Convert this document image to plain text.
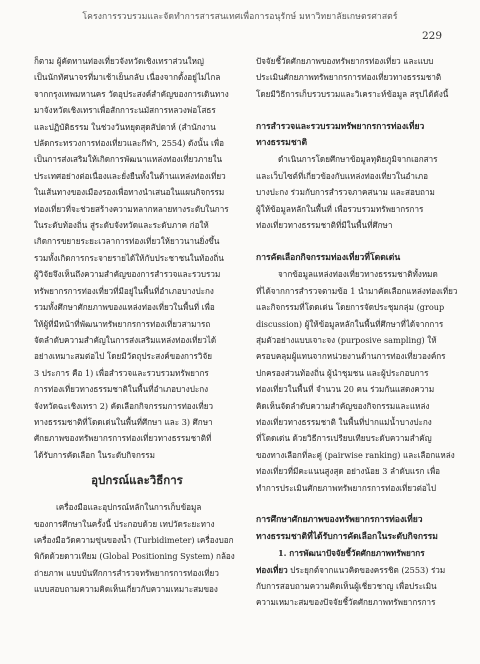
โครงการรวบรวมและจัดทำการสารสนเทศเพื่อการอนุรักษ์ มหาวิทยาลัยเกษตรศาสตร์
229
ก็ตาม ผู้คัดทานท่องเที่ยวจังหวัดเชิงเทราส่วนใหญ่
เป็นนักทัศนาจรที่มาเช้าเย็นกลับ เนื่องจากตั้งอยู่ไม่ไกล
จากกรุงเทพมหานคร วัดอุประสงค์สำคัญของการเดินทาง
มาจังหวัดเชิงเทราเพื่อสักการะนมัสการหลวงพ่อโสธร
และปฏิบัติธรรม ในช่วงวันหยุดสุดสัปดาห์ (สำนักงาน
ปลัดกระทรวงการท่องเที่ยวและกีฬา, 2554) ดังนั้น เพื่อ
เป็นการส่งเสริมให้เกิดการพัฒนาแหล่งท่องเที่ยวภายใน
ประเทศอย่างต่อเนื่องและยั่งยืนทั้งในด้านแหล่งท่องเที่ยว
ในเส้นทางของเมืองรองเพื่อทางนำเสนอในแผนกิจกรรม
ท่องเที่ยวที่จะช่วยสร้างความหลากหลายทางระดับในการ
ในระดับท้องถิ่น สู่ระดับจังหวัดและระดับภาค ก่อให้
เกิดการขยายระยะเวลาการท่องเที่ยวให้ยาวนานยิ่งขึ้น
รวมทั้งเกิดการกระจายรายได้ให้กับประชาชนในท้องถิ่น
ผู้วิจัยจึงเห็นถึงความสำคัญของการสำรวจและรวบรวม
ทรัพยากรการท่องเที่ยวที่มีอยู่ในพื้นที่อำเภอบางปะกง
รวมทั้งศึกษาศักยภาพของแหล่งท่องเที่ยวในพื้นที่ เพื่อ
ให้ผู้ที่มีหน้าที่พัฒนาทรัพยากรการท่องเที่ยวสามารถ
จัดลำดับความสำคัญในการส่งเสริมแหล่งท่องเที่ยวได้
อย่างเหมาะสมต่อไป โดยมีวัตถุประสงค์ของการวิจัย
3 ประการ คือ 1) เพื่อสำรวจและรวบรวมทรัพยากร
การท่องเที่ยวทางธรรมชาติในพื้นที่อำเภอบางปะกง
จังหวัดฉะเชิงเทรา 2) คัดเลือกกิจกรรมการท่องเที่ยว
ทางธรรมชาติที่โดดเด่นในพื้นที่ศึกษา และ 3) ศึกษา
ศักยภาพของทรัพยากรการท่องเที่ยวทางธรรมชาติที่
ได้รับการคัดเลือก ในระดับกิจกรรม
อุปกรณ์และวิธีการ
เครื่องมือและอุปกรณ์หลักในการเก็บข้อมูล
ของการศึกษาในครั้งนี้ ประกอบด้วย เทปวัดระยะทาง
เครื่องมือวัดความขุ่นของน้ำ (Turbidimeter) เครื่องบอก
พิกัดด้วยดาวเทียม (Global Positioning System) กล้อง
ถ่ายภาพ แบบบันทึกการสำรวจทรัพยากรการท่องเที่ยว
แบบสอบถามความคิดเห็นเกี่ยวกับความเหมาะสมของ
ปัจจัยชี้วัดศักยภาพของทรัพยากรท่องเที่ยว และแบบ
ประเมินศักยภาพทรัพยากรการท่องเที่ยวทางธรรมชาติ
โดยมีวิธีการเก็บรวบรวมและวิเคราะห์ข้อมูล สรุปได้ดังนี้
การสำรวจและรวบรวมทรัพยากรการท่องเที่ยว
ทางธรรมชาติ
ดำเนินการโดยศึกษาข้อมูลทุติยภูมิจากเอกสาร
และเว็บไซต์ที่เกี่ยวข้องกับแหล่งท่องเที่ยวในอำเภอ
บางปะกง ร่วมกับการสำรวจภาคสนาม และสอบถาม
ผู้ให้ข้อมูลหลักในพื้นที่ เพื่อรวบรวมทรัพยากรการ
ท่องเที่ยวทางธรรมชาติที่มีในพื้นที่ศึกษา
การคัดเลือกกิจกรรมท่องเที่ยวที่โดดเด่น
จากข้อมูลแหล่งท่องเที่ยวทางธรรมชาติทั้งหมด
ที่ได้จากการสำรวจตามข้อ 1 นำมาคัดเลือกแหล่งท่องเที่ยว
และกิจกรรมที่โดดเด่น โดยการจัดประชุมกลุ่ม (group
discussion) ผู้ให้ข้อมูลหลักในพื้นที่ศึกษาที่ได้จากการ
สุ่มตัวอย่างแบบเจาะจง (purposive sampling) ให้
ครอบคลุมผู้แทนจากหน่วยงานด้านการท่องเที่ยวองค์กร
ปกครองส่วนท้องถิ่น ผู้นำชุมชน และผู้ประกอบการ
ท่องเที่ยวในพื้นที่ จำนวน 20 คน ร่วมกันแสดงความ
คิดเห็นจัดลำดับความสำคัญของกิจกรรมและแหล่ง
ท่องเที่ยวทางธรรมชาติ ในพื้นที่ปากแม่น้ำบางปะกง
ที่โดดเด่น ด้วยวิธีการเปรียบเทียบระดับความสำคัญ
ของทางเลือกที่ละคู่ (pairwise ranking) และเลือกแหล่ง
ท่องเที่ยวที่มีคะแนนสูงสุด อย่างน้อย 3 ลำดับแรก เพื่อ
ทำการประเมินศักยภาพทรัพยากรการท่องเที่ยวต่อไป
การศึกษาศักยภาพของทรัพยากรการท่องเที่ยว
ทางธรรมชาติที่ได้รับการคัดเลือกในระดับกิจกรรม
1. การพัฒนาปัจจัยชี้วัดศักยภาพทรัพยากร
ท่องเที่ยว ประยุกต์จากแนวคิดของครรชิต (2553) ร่วม
กับการสอบถามความคิดเห็นผู้เชี่ยวชาญ เพื่อประเมิน
ความเหมาะสมของปัจจัยชี้วัดศักยภาพทรัพยากรการ
